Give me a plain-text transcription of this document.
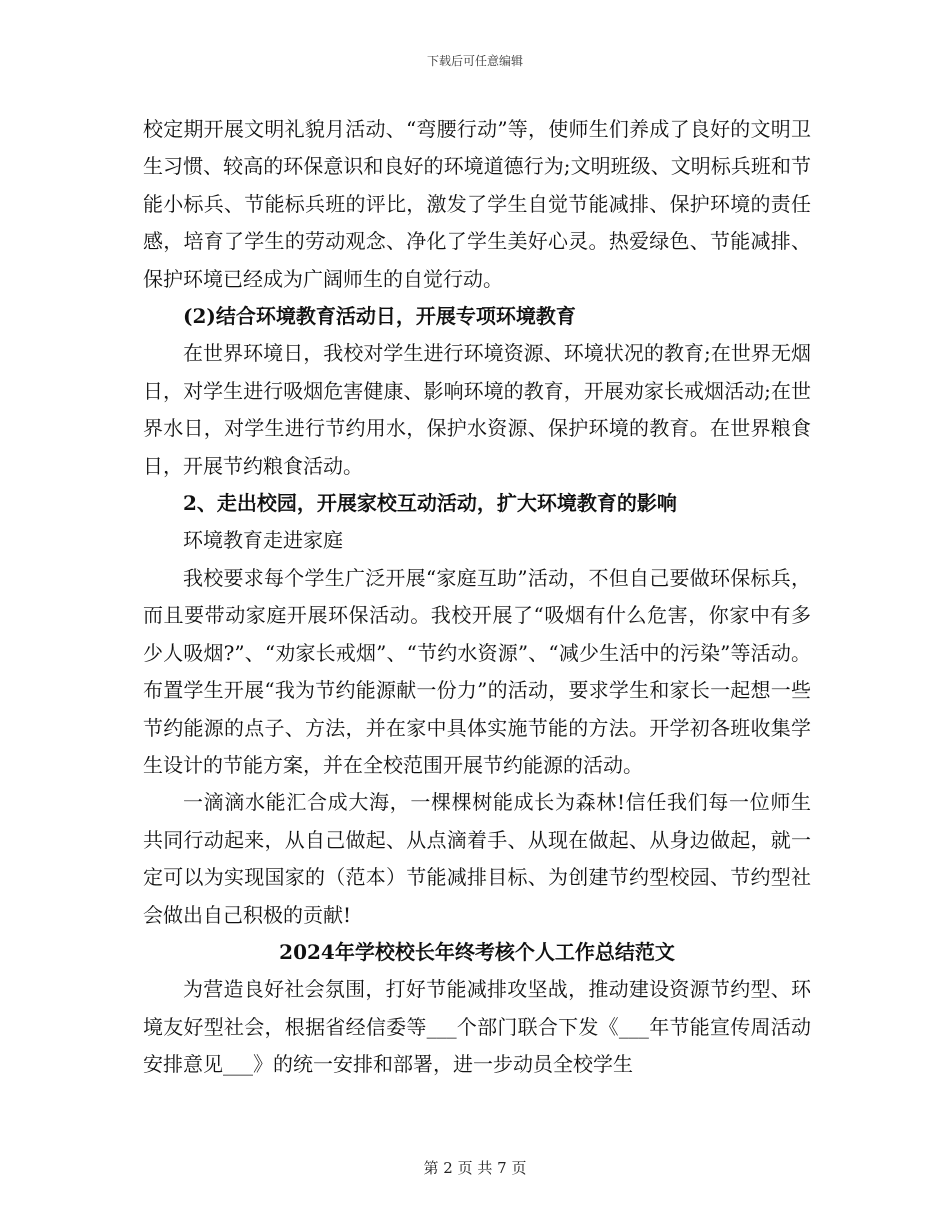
下载后可任意编辑

校定期开展文明礼貌月活动、“弯腰行动”等，使师生们养成了良好的文明卫生习惯、较高的环保意识和良好的环境道德行为;文明班级、文明标兵班和节能小标兵、节能标兵班的评比，激发了学生自觉节能减排、保护环境的责任感，培育了学生的劳动观念、净化了学生美好心灵。热爱绿色、节能减排、保护环境已经成为广阔师生的自觉行动。

(2)结合环境教育活动日，开展专项环境教育

在世界环境日，我校对学生进行环境资源、环境状况的教育;在世界无烟日，对学生进行吸烟危害健康、影响环境的教育，开展劝家长戒烟活动;在世界水日，对学生进行节约用水，保护水资源、保护环境的教育。在世界粮食日，开展节约粮食活动。

2、走出校园，开展家校互动活动，扩大环境教育的影响

环境教育走进家庭

我校要求每个学生广泛开展“家庭互助”活动，不但自己要做环保标兵，而且要带动家庭开展环保活动。我校开展了“吸烟有什么危害，你家中有多少人吸烟?”、“劝家长戒烟”、“节约水资源”、“减少生活中的污染”等活动。布置学生开展“我为节约能源献一份力”的活动，要求学生和家长一起想一些节约能源的点子、方法，并在家中具体实施节能的方法。开学初各班收集学生设计的节能方案，并在全校范围开展节约能源的活动。

一滴滴水能汇合成大海，一棵棵树能成长为森林!信任我们每一位师生共同行动起来，从自己做起、从点滴着手、从现在做起、从身边做起，就一定可以为实现国家的（范本）节能减排目标、为创建节约型校园、节约型社会做出自己积极的贡献!

2024年学校校长年终考核个人工作总结范文

为营造良好社会氛围，打好节能减排攻坚战，推动建设资源节约型、环境友好型社会，根据省经信委等___个部门联合下发《___年节能宣传周活动安排意见___》的统一安排和部署，进一步动员全校学生

第 2 页 共 7 页
